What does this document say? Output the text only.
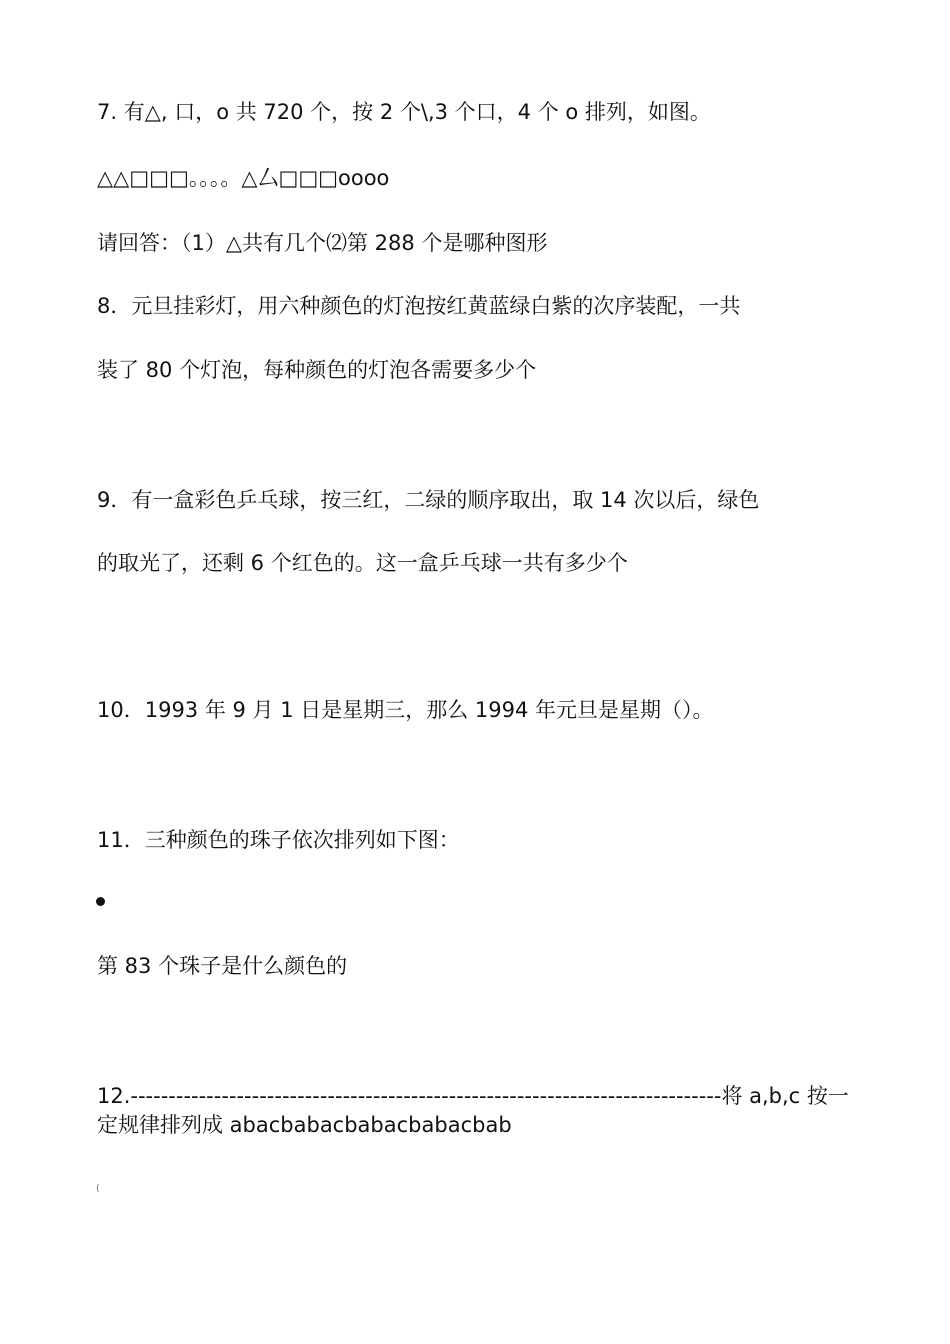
7. 有△, 口，o 共 720 个，按 2 个\,3 个口，4 个 o 排列，如图。
△△□□□。。。。△厶□□□oooo
请回答：（1）△共有几个⑵第 288 个是哪种图形
8．元旦挂彩灯，用六种颜色的灯泡按红黄蓝绿白紫的次序装配，一共
装了 80 个灯泡，每种颜色的灯泡各需要多少个
9．有一盒彩色乒乓球，按三红，二绿的顺序取出，取 14 次以后，绿色
的取光了，还剩 6 个红色的。这一盒乒乓球一共有多少个
10．1993 年 9 月 1 日是星期三，那么 1994 年元旦是星期（）。
11．三种颜色的珠子依次排列如下图：
第 83 个珠子是什么颜色的
12.------------------------------------------------------------------------------将 a,b,c 按一定规律排列成 abacbabacbabacbabacbab
(
